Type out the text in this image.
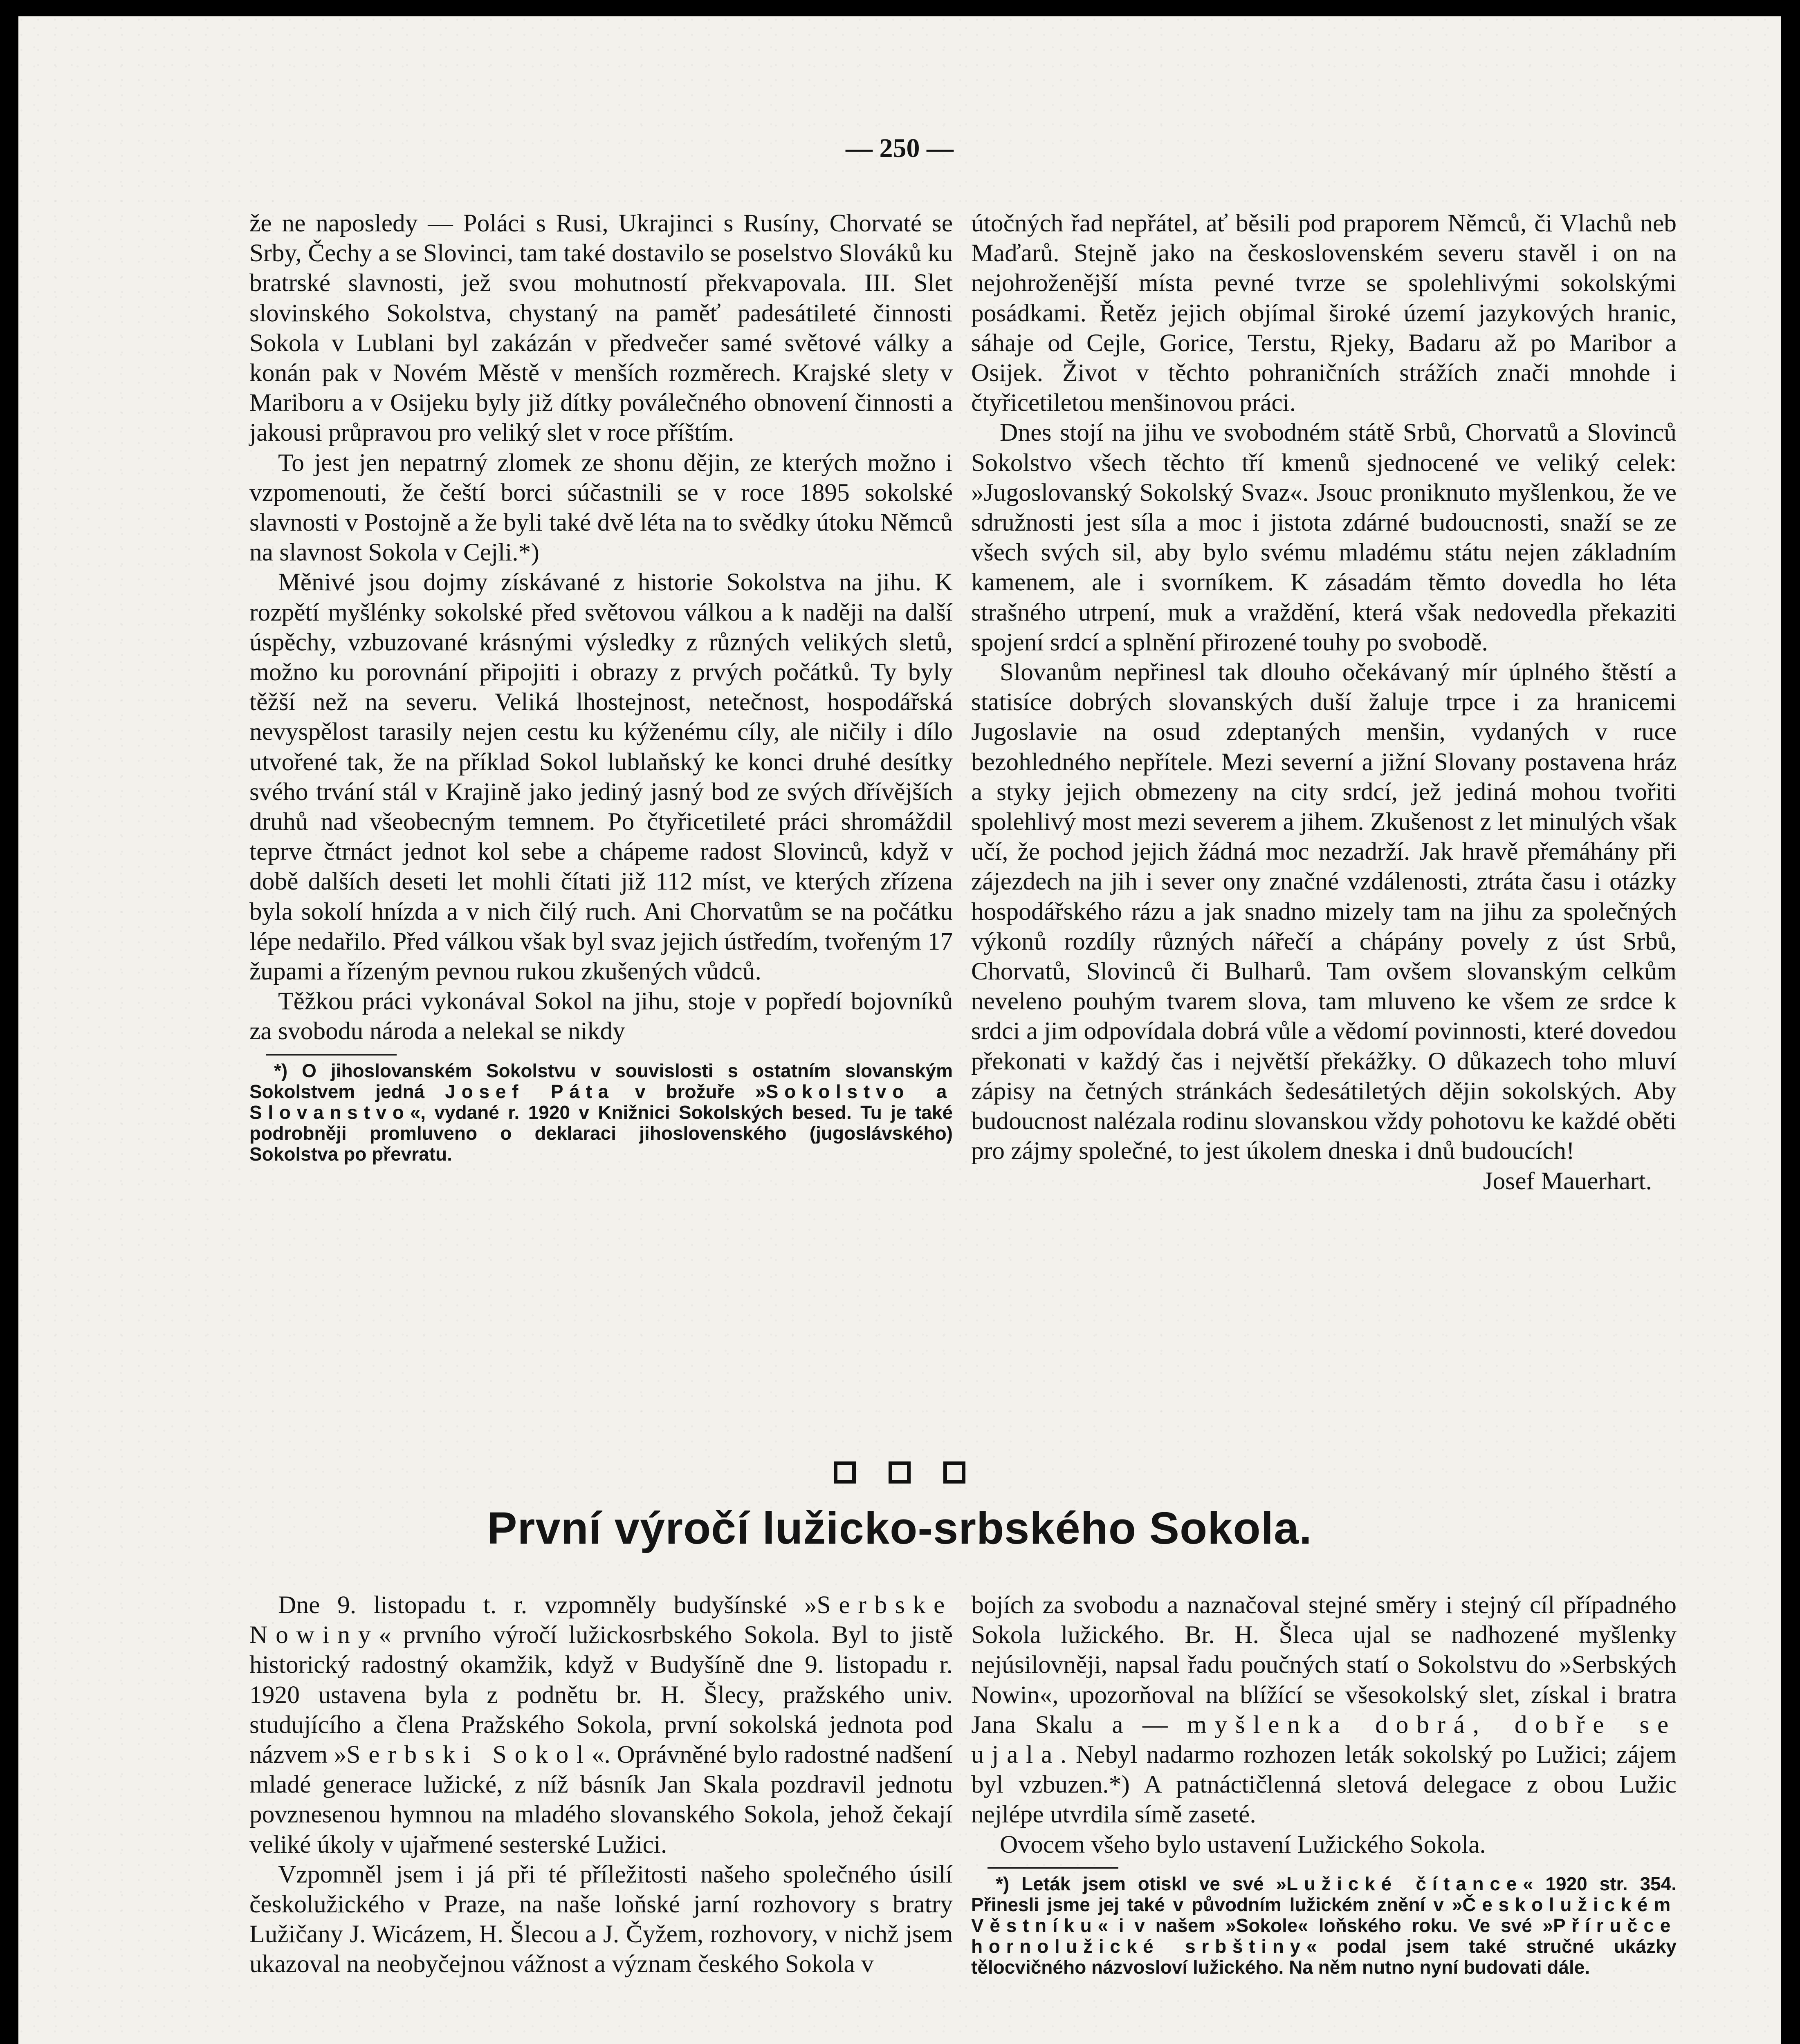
— 250 —

že ne naposledy — Poláci s Rusi, Ukrajinci s Rusíny, Chorvaté se Srby, Čechy a se Slovinci, tam také dostavilo se poselstvo Slováků ku bratrské slavnosti, jež svou mohutností překvapovala. III. Slet slovinského Sokolstva, chystaný na paměť padesátileté činnosti Sokola v Lublani byl zakázán v předvečer samé světové války a konán pak v Novém Městě v menších rozměrech. Krajské slety v Mariboru a v Osijeku byly již dítky poválečného obnovení činnosti a jakousi průpravou pro veliký slet v roce příštím.

To jest jen nepatrný zlomek ze shonu dějin, ze kterých možno i vzpomenouti, že čeští borci súčastnili se v roce 1895 sokolské slavnosti v Postojně a že byli také dvě léta na to svědky útoku Němců na slavnost Sokola v Cejli.*)

Měnivé jsou dojmy získávané z historie Sokolstva na jihu. K rozpětí myšlénky sokolské před světovou válkou a k naději na další úspěchy, vzbuzované krásnými výsledky z různých velikých sletů, možno ku porovnání připojiti i obrazy z prvých počátků. Ty byly těžší než na severu. Veliká lhostejnost, netečnost, hospodářská nevyspělost tarasily nejen cestu ku kýženému cíly, ale ničily i dílo utvořené tak, že na příklad Sokol lublaňský ke konci druhé desítky svého trvání stál v Krajině jako jediný jasný bod ze svých dřívějších druhů nad všeobecným temnem. Po čtyřicetileté práci shromáždil teprve čtrnáct jednot kol sebe a chápeme radost Slovinců, když v době dalších deseti let mohli čítati již 112 míst, ve kterých zřízena byla sokolí hnízda a v nich čilý ruch. Ani Chorvatům se na počátku lépe nedařilo. Před válkou však byl svaz jejich ústředím, tvořeným 17 župami a řízeným pevnou rukou zkušených vůdců.

Těžkou práci vykonával Sokol na jihu, stoje v popředí bojovníků za svobodu národa a nelekal se nikdy

*) O jihoslovanském Sokolstvu v souvislosti s ostatním slovanským Sokolstvem jedná Josef Páta v brožuře »Sokolstvo a Slovanstvo«, vydané r. 1920 v Knižnici Sokolských besed. Tu je také podrobněji promluveno o deklaraci jihoslovenského (jugoslávského) Sokolstva po převratu.

útočných řad nepřátel, ať běsili pod praporem Němců, či Vlachů neb Maďarů. Stejně jako na československém severu stavěl i on na nejohroženější místa pevné tvrze se spolehlivými sokolskými posádkami. Řetěz jejich objímal široké území jazykových hranic, sáhaje od Cejle, Gorice, Terstu, Rjeky, Badaru až po Maribor a Osijek. Život v těchto pohraničních strážích znači mnohde i čtyřicetiletou menšinovou práci.

Dnes stojí na jihu ve svobodném státě Srbů, Chorvatů a Slovinců Sokolstvo všech těchto tří kmenů sjednocené ve veliký celek: »Jugoslovanský Sokolský Svaz«. Jsouc proniknuto myšlenkou, že ve sdružnosti jest síla a moc i jistota zdárné budoucnosti, snaží se ze všech svých sil, aby bylo svému mladému státu nejen základním kamenem, ale i svorníkem. K zásadám těmto dovedla ho léta strašného utrpení, muk a vraždění, která však nedovedla překaziti spojení srdcí a splnění přirozené touhy po svobodě.

Slovanům nepřinesl tak dlouho očekávaný mír úplného štěstí a statisíce dobrých slovanských duší žaluje trpce i za hranicemi Jugoslavie na osud zdeptaných menšin, vydaných v ruce bezohledného nepřítele. Mezi severní a jižní Slovany postavena hráz a styky jejich obmezeny na city srdcí, jež jediná mohou tvořiti spolehlivý most mezi severem a jihem. Zkušenost z let minulých však učí, že pochod jejich žádná moc nezadrží. Jak hravě přemáhány při zájezdech na jih i sever ony značné vzdálenosti, ztráta času i otázky hospodářského rázu a jak snadno mizely tam na jihu za společných výkonů rozdíly různých nářečí a chápány povely z úst Srbů, Chorvatů, Slovinců či Bulharů. Tam ovšem slovanským celkům neveleno pouhým tvarem slova, tam mluveno ke všem ze srdce k srdci a jim odpovídala dobrá vůle a vědomí povinnosti, které dovedou překonati v každý čas i největší překážky. O důkazech toho mluví zápisy na četných stránkách šedesátiletých dějin sokolských. Aby budoucnost nalézala rodinu slovanskou vždy pohotovu ke každé oběti pro zájmy společné, to jest úkolem dneska i dnů budoucích!

Josef Mauerhart.
První výročí lužicko-srbského Sokola.

Dne 9. listopadu t. r. vzpomněly budyšínské »Serbske Nowiny« prvního výročí lužickosrbského Sokola. Byl to jistě historický radostný okamžik, když v Budyšíně dne 9. listopadu r. 1920 ustavena byla z podnětu br. H. Šlecy, pražského univ. studujícího a člena Pražského Sokola, první sokolská jednota pod názvem »Serbski Sokol«. Oprávněné bylo radostné nadšení mladé generace lužické, z níž básník Jan Skala pozdravil jednotu povznesenou hymnou na mladého slovanského Sokola, jehož čekají veliké úkoly v ujařmené sesterské Lužici.

Vzpomněl jsem i já při té příležitosti našeho společného úsilí českolužického v Praze, na naše loňské jarní rozhovory s bratry Lužičany J. Wicázem, H. Šlecou a J. Čyžem, rozhovory, v nichž jsem ukazoval na neobyčejnou vážnost a význam českého Sokola v

bojích za svobodu a naznačoval stejné směry i stejný cíl případného Sokola lužického. Br. H. Šleca ujal se nadhozené myšlenky nejúsilovněji, napsal řadu poučných statí o Sokolstvu do »Serbských Nowin«, upozorňoval na blížící se všesokolský slet, získal i bratra Jana Skalu a — myšlenka dobrá, dobře se ujala. Nebyl nadarmo rozhozen leták sokolský po Lužici; zájem byl vzbuzen.*) A patnáctičlenná sletová delegace z obou Lužic nejlépe utvrdila símě zaseté.

Ovocem všeho bylo ustavení Lužického Sokola.

*) Leták jsem otiskl ve své »Lužické čítance« 1920 str. 354. Přinesli jsme jej také v původním lužickém znění v »Českolužickém Věstníku« i v našem »Sokole« loňského roku. Ve své »Příručce hornolužické srbštiny« podal jsem také stručné ukázky tělocvičného názvosloví lužického. Na něm nutno nyní budovati dále.
